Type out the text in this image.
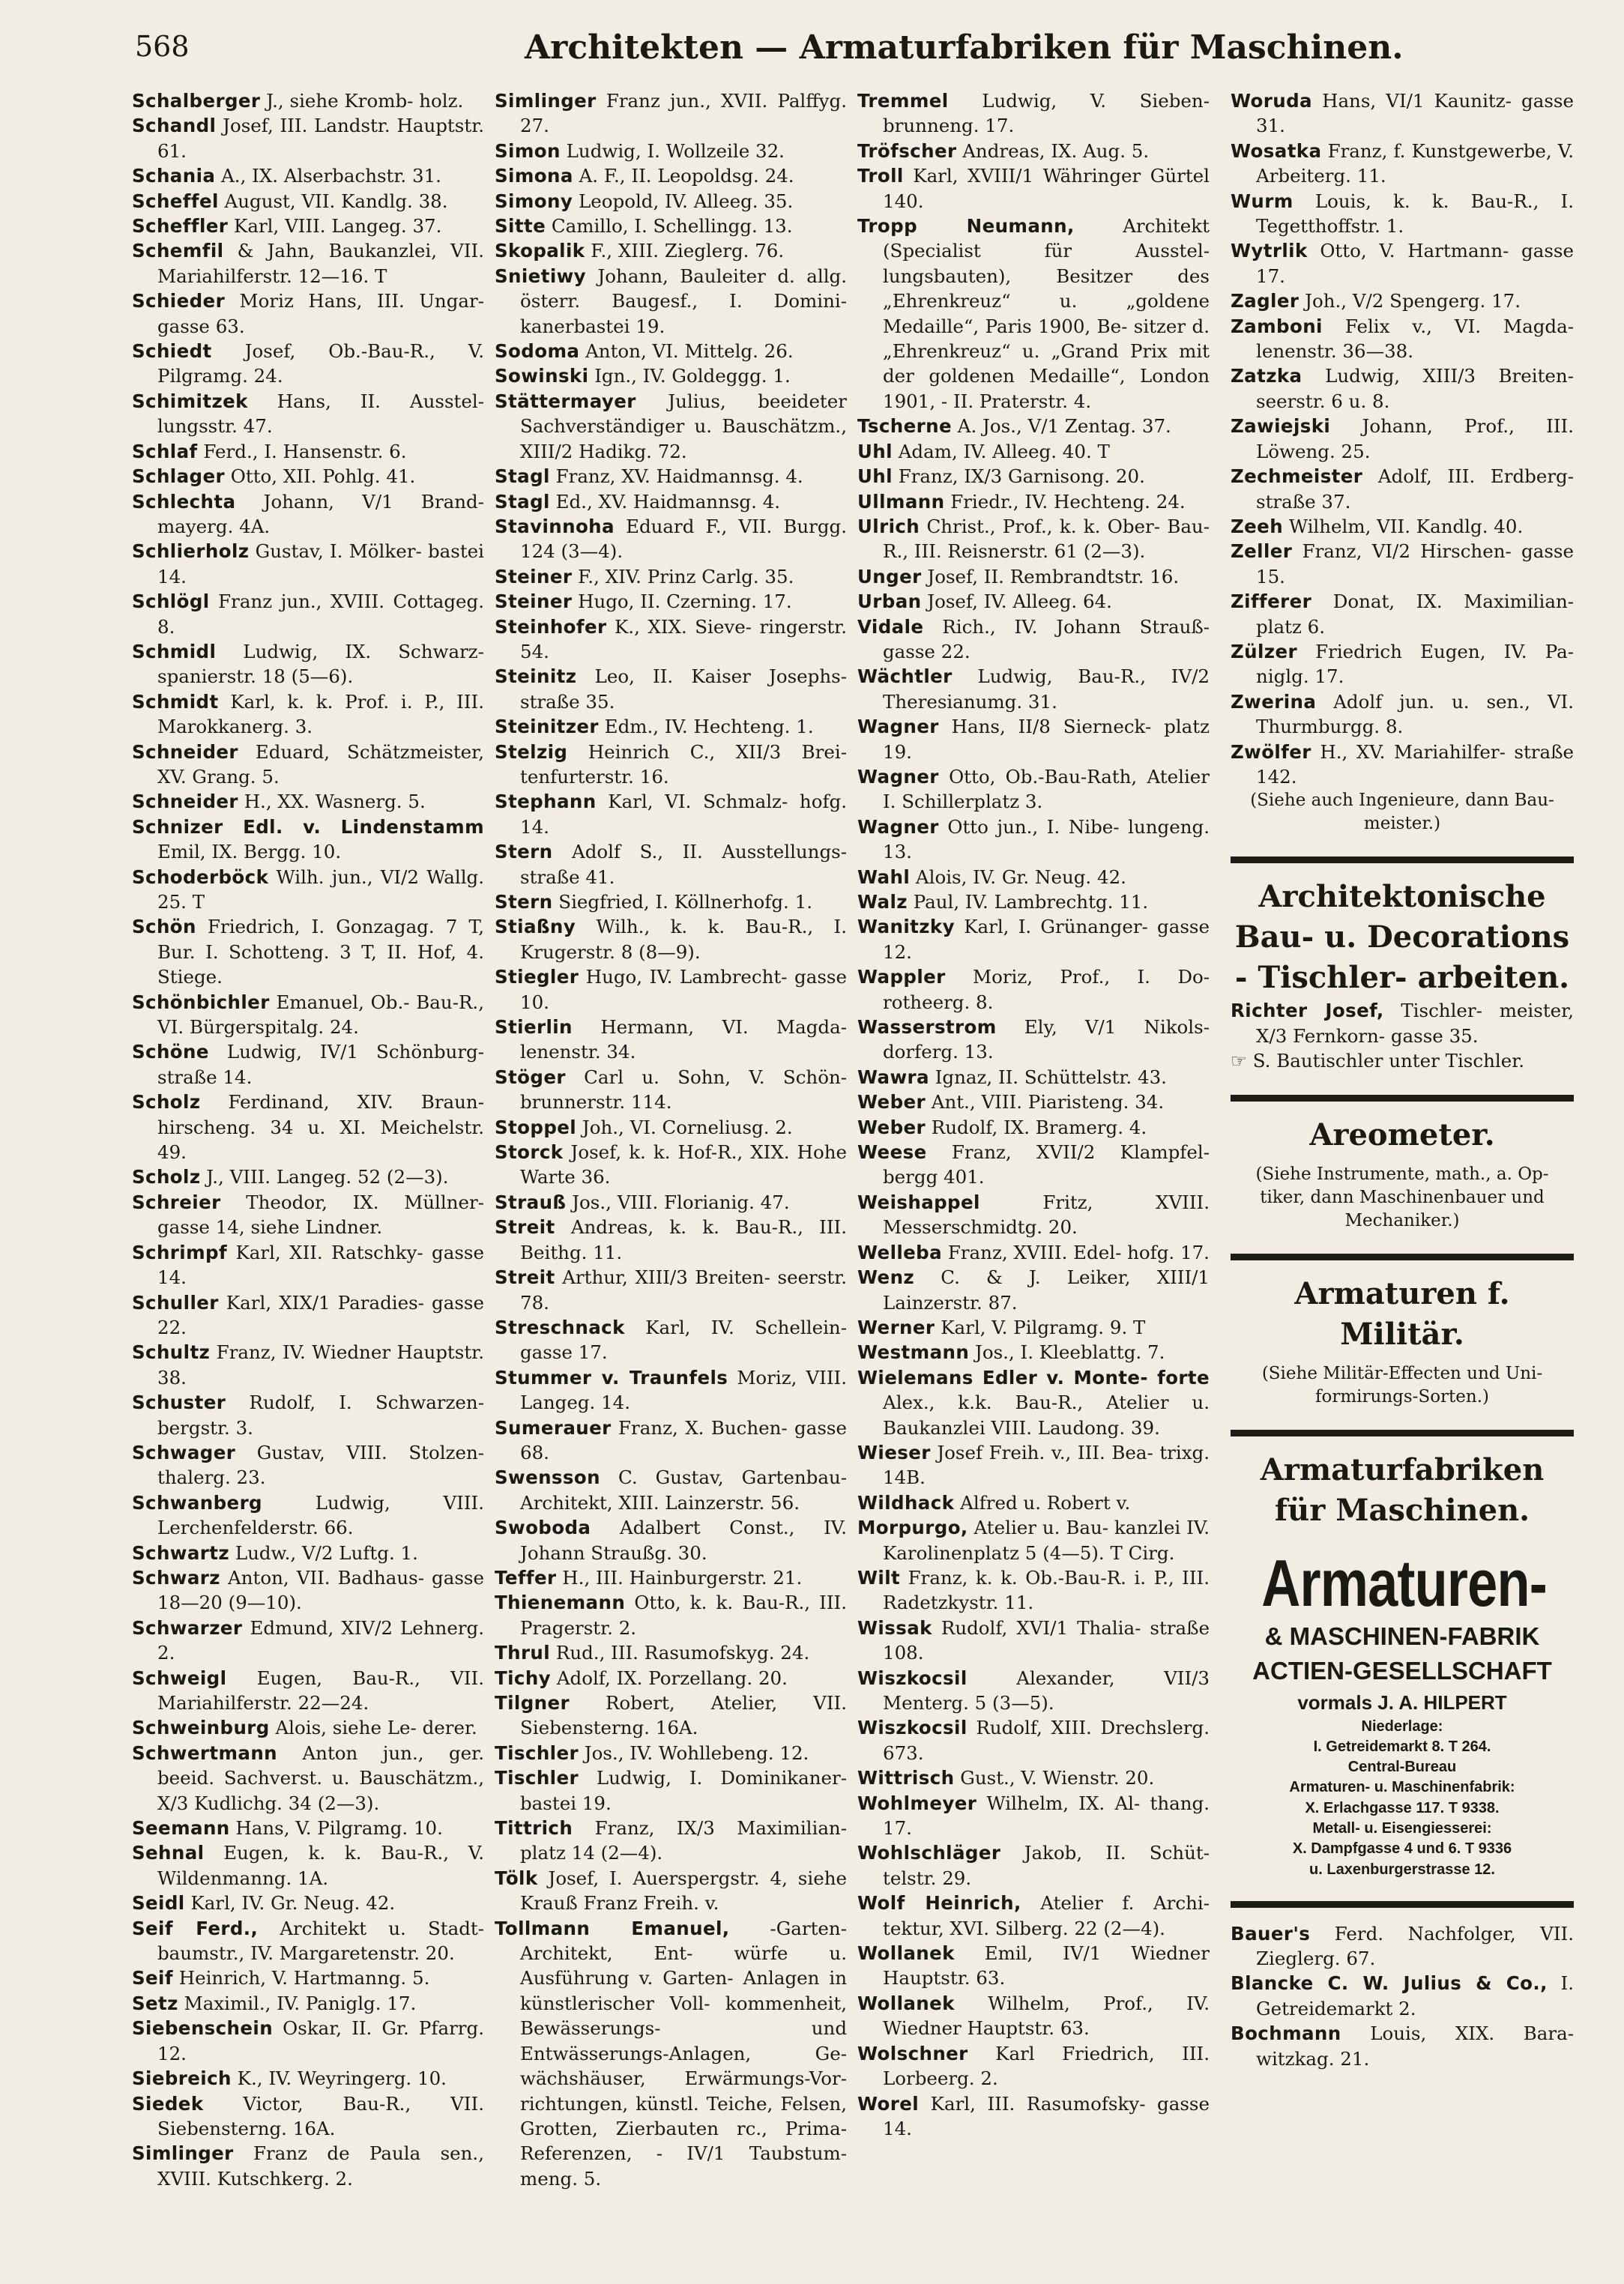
568	Architekten — Armaturfabriken für Maschinen.
Schalberger J., siehe Kromb- holz.
Schandl Josef, III. Landstr. Hauptstr. 61.
Schania A., IX. Alserbachstr. 31.
Scheffel August, VII. Kandlg. 38.
Scheffler Karl, VIII. Langeg. 37.
Schemfil & Jahn, Baukanzlei, VII. Mariahilferstr. 12—16. T
Schieder Moriz Hans, III. Ungar- gasse 63.
Schiedt Josef, Ob.-Bau-R., V. Pilgramg. 24.
Schimitzek Hans, II. Ausstel- lungsstr. 47.
Schlaf Ferd., I. Hansenstr. 6.
Schlager Otto, XII. Pohlg. 41.
Schlechta Johann, V/1 Brand- mayerg. 4A.
Schlierholz Gustav, I. Mölker- bastei 14.
Schlögl Franz jun., XVIII. Cottageg. 8.
Schmidl Ludwig, IX. Schwarz- spanierstr. 18 (5—6).
Schmidt Karl, k. k. Prof. i. P., III. Marokkanerg. 3.
Schneider Eduard, Schätzmeister, XV. Grang. 5.
Schneider H., XX. Wasnerg. 5.
Schnizer Edl. v. Lindenstamm Emil, IX. Bergg. 10.
Schoderböck Wilh. jun., VI/2 Wallg. 25. T
Schön Friedrich, I. Gonzagag. 7 T, Bur. I. Schotteng. 3 T, II. Hof, 4. Stiege.
Schönbichler Emanuel, Ob.- Bau-R., VI. Bürgerspitalg. 24.
Schöne Ludwig, IV/1 Schönburg- straße 14.
Scholz Ferdinand, XIV. Braun- hirscheng. 34 u. XI. Meichelstr. 49.
Scholz J., VIII. Langeg. 52 (2—3).
Schreier Theodor, IX. Müllner- gasse 14, siehe Lindner.
Schrimpf Karl, XII. Ratschky- gasse 14.
Schuller Karl, XIX/1 Paradies- gasse 22.
Schultz Franz, IV. Wiedner Hauptstr. 38.
Schuster Rudolf, I. Schwarzen- bergstr. 3.
Schwager Gustav, VIII. Stolzen- thalerg. 23.
Schwanberg Ludwig, VIII. Lerchenfelderstr. 66.
Schwartz Ludw., V/2 Luftg. 1.
Schwarz Anton, VII. Badhaus- gasse 18—20 (9—10).
Schwarzer Edmund, XIV/2 Lehnerg. 2.
Schweigl Eugen, Bau-R., VII. Mariahilferstr. 22—24.
Schweinburg Alois, siehe Le- derer.
Schwertmann Anton jun., ger. beeid. Sachverst. u. Bauschätzm., X/3 Kudlichg. 34 (2—3).
Seemann Hans, V. Pilgramg. 10.
Sehnal Eugen, k. k. Bau-R., V. Wildenmanng. 1A.
Seidl Karl, IV. Gr. Neug. 42.
Seif Ferd., Architekt u. Stadt- baumstr., IV. Margaretenstr. 20.
Seif Heinrich, V. Hartmanng. 5.
Setz Maximil., IV. Paniglg. 17.
Siebenschein Oskar, II. Gr. Pfarrg. 12.
Siebreich K., IV. Weyringerg. 10.
Siedek Victor, Bau-R., VII. Siebensterng. 16A.
Simlinger Franz de Paula sen., XVIII. Kutschkerg. 2.
Simlinger Franz jun., XVII. Palffyg. 27.
Simon Ludwig, I. Wollzeile 32.
Simona A. F., II. Leopoldsg. 24.
Simony Leopold, IV. Alleeg. 35.
Sitte Camillo, I. Schellingg. 13.
Skopalik F., XIII. Zieglerg. 76.
Snietiwy Johann, Bauleiter d. allg. österr. Baugesf., I. Domini- kanerbastei 19.
Sodoma Anton, VI. Mittelg. 26.
Sowinski Ign., IV. Goldeggg. 1.
Stättermayer Julius, beeideter Sachverständiger u. Bauschätzm., XIII/2 Hadikg. 72.
Stagl Franz, XV. Haidmannsg. 4.
Stagl Ed., XV. Haidmannsg. 4.
Stavinnoha Eduard F., VII. Burgg. 124 (3—4).
Steiner F., XIV. Prinz Carlg. 35.
Steiner Hugo, II. Czerning. 17.
Steinhofer K., XIX. Sieve- ringerstr. 54.
Steinitz Leo, II. Kaiser Josephs- straße 35.
Steinitzer Edm., IV. Hechteng. 1.
Stelzig Heinrich C., XII/3 Brei- tenfurterstr. 16.
Stephann Karl, VI. Schmalz- hofg. 14.
Stern Adolf S., II. Ausstellungs- straße 41.
Stern Siegfried, I. Köllnerhofg. 1.
Stiaßny Wilh., k. k. Bau-R., I. Krugerstr. 8 (8—9).
Stiegler Hugo, IV. Lambrecht- gasse 10.
Stierlin Hermann, VI. Magda- lenenstr. 34.
Stöger Carl u. Sohn, V. Schön- brunnerstr. 114.
Stoppel Joh., VI. Corneliusg. 2.
Storck Josef, k. k. Hof-R., XIX. Hohe Warte 36.
Strauß Jos., VIII. Florianig. 47.
Streit Andreas, k. k. Bau-R., III. Beithg. 11.
Streit Arthur, XIII/3 Breiten- seerstr. 78.
Streschnack Karl, IV. Schellein- gasse 17.
Stummer v. Traunfels Moriz, VIII. Langeg. 14.
Sumerauer Franz, X. Buchen- gasse 68.
Swensson C. Gustav, Gartenbau- Architekt, XIII. Lainzerstr. 56.
Swoboda Adalbert Const., IV. Johann Straußg. 30.
Teffer H., III. Hainburgerstr. 21.
Thienemann Otto, k. k. Bau-R., III. Pragerstr. 2.
Thrul Rud., III. Rasumofskyg. 24.
Tichy Adolf, IX. Porzellang. 20.
Tilgner Robert, Atelier, VII. Siebensterng. 16A.
Tischler Jos., IV. Wohllebeng. 12.
Tischler Ludwig, I. Dominikaner- bastei 19.
Tittrich Franz, IX/3 Maximilian- platz 14 (2—4).
Tölk Josef, I. Auerspergstr. 4, siehe Krauß Franz Freih. v.
Tollmann Emanuel, -Garten-Architekt, Ent- würfe u. Ausführung v. Garten- Anlagen in künstlerischer Voll- kommenheit, Bewässerungs- und Entwässerungs-Anlagen, Ge- wächshäuser, Erwärmungs-Vor- richtungen, künstl. Teiche, Felsen, Grotten, Zierbauten rc., Prima- Referenzen, - IV/1 Taubstum- meng. 5.
Tremmel Ludwig, V. Sieben- brunneng. 17.
Tröfscher Andreas, IX. Aug. 5.
Troll Karl, XVIII/1 Währinger Gürtel 140.
Tropp Neumann, Architekt (Specialist für Ausstel- lungsbauten), Besitzer des „Ehrenkreuz“ u. „goldene Medaille“, Paris 1900, Be- sitzer d. „Ehrenkreuz“ u. „Grand Prix mit der goldenen Medaille“, London 1901, - II. Praterstr. 4.
Tscherne A. Jos., V/1 Zentag. 37.
Uhl Adam, IV. Alleeg. 40. T
Uhl Franz, IX/3 Garnisong. 20.
Ullmann Friedr., IV. Hechteng. 24.
Ulrich Christ., Prof., k. k. Ober- Bau-R., III. Reisnerstr. 61 (2—3).
Unger Josef, II. Rembrandtstr. 16.
Urban Josef, IV. Alleeg. 64.
Vidale Rich., IV. Johann Strauß- gasse 22.
Wächtler Ludwig, Bau-R., IV/2 Theresianumg. 31.
Wagner Hans, II/8 Sierneck- platz 19.
Wagner Otto, Ob.-Bau-Rath, Atelier I. Schillerplatz 3.
Wagner Otto jun., I. Nibe- lungeng. 13.
Wahl Alois, IV. Gr. Neug. 42.
Walz Paul, IV. Lambrechtg. 11.
Wanitzky Karl, I. Grünanger- gasse 12.
Wappler Moriz, Prof., I. Do- rotheerg. 8.
Wasserstrom Ely, V/1 Nikols- dorferg. 13.
Wawra Ignaz, II. Schüttelstr. 43.
Weber Ant., VIII. Piaristeng. 34.
Weber Rudolf, IX. Bramerg. 4.
Weese Franz, XVII/2 Klampfel- bergg 401.
Weishappel Fritz, XVIII. Messerschmidtg. 20.
Welleba Franz, XVIII. Edel- hofg. 17.
Wenz C. & J. Leiker, XIII/1 Lainzerstr. 87.
Werner Karl, V. Pilgramg. 9. T
Westmann Jos., I. Kleeblattg. 7.
Wielemans Edler v. Monte- forte Alex., k.k. Bau-R., Atelier u. Baukanzlei VIII. Laudong. 39.
Wieser Josef Freih. v., III. Bea- trixg. 14B.
Wildhack Alfred u. Robert v.
Morpurgo, Atelier u. Bau- kanzlei IV. Karolinenplatz 5 (4—5). T Cirg.
Wilt Franz, k. k. Ob.-Bau-R. i. P., III. Radetzkystr. 11.
Wissak Rudolf, XVI/1 Thalia- straße 108.
Wiszkocsil Alexander, VII/3 Menterg. 5 (3—5).
Wiszkocsil Rudolf, XIII. Drechslerg. 673.
Wittrisch Gust., V. Wienstr. 20.
Wohlmeyer Wilhelm, IX. Al- thang. 17.
Wohlschläger Jakob, II. Schüt- telstr. 29.
Wolf Heinrich, Atelier f. Archi- tektur, XVI. Silberg. 22 (2—4).
Wollanek Emil, IV/1 Wiedner Hauptstr. 63.
Wollanek Wilhelm, Prof., IV. Wiedner Hauptstr. 63.
Wolschner Karl Friedrich, III. Lorbeerg. 2.
Worel Karl, III. Rasumofsky- gasse 14.
Woruda Hans, VI/1 Kaunitz- gasse 31.
Wosatka Franz, f. Kunstgewerbe, V. Arbeiterg. 11.
Wurm Louis, k. k. Bau-R., I. Tegetthoffstr. 1.
Wytrlik Otto, V. Hartmann- gasse 17.
Zagler Joh., V/2 Spengerg. 17.
Zamboni Felix v., VI. Magda- lenenstr. 36—38.
Zatzka Ludwig, XIII/3 Breiten- seerstr. 6 u. 8.
Zawiejski Johann, Prof., III. Löweng. 25.
Zechmeister Adolf, III. Erdberg- straße 37.
Zeeh Wilhelm, VII. Kandlg. 40.
Zeller Franz, VI/2 Hirschen- gasse 15.
Zifferer Donat, IX. Maximilian- platz 6.
Zülzer Friedrich Eugen, IV. Pa- niglg. 17.
Zwerina Adolf jun. u. sen., VI. Thurmburgg. 8.
Zwölfer H., XV. Mariahilfer- straße 142.
(Siehe auch Ingenieure, dann Bau- meister.)
Architektonische Bau- u. Decorations - Tischler- arbeiten.
Richter Josef, Tischler- meister, X/3 Fernkorn- gasse 35.
☞ S. Bautischler unter Tischler.
Areometer.
(Siehe Instrumente, math., a. Op- tiker, dann Maschinenbauer und Mechaniker.)
Armaturen f. Militär.
(Siehe Militär-Effecten und Uni- formirungs-Sorten.)
Armaturfabriken für Maschinen.
Armaturen-
& MASCHINEN-FABRIK
ACTIEN-GESELLSCHAFT
vormals J. A. HILPERT
Niederlage:
I. Getreidemarkt 8. T 264.
Central-Bureau
Armaturen- u. Maschinenfabrik:
X. Erlachgasse 117. T 9338.
Metall- u. Eisengiesserei:
X. Dampfgasse 4 und 6. T 9336
u. Laxenburgerstrasse 12.
Bauer's Ferd. Nachfolger, VII. Zieglerg. 67.
Blancke C. W. Julius & Co., I. Getreidemarkt 2.
Bochmann Louis, XIX. Bara- witzkag. 21.
